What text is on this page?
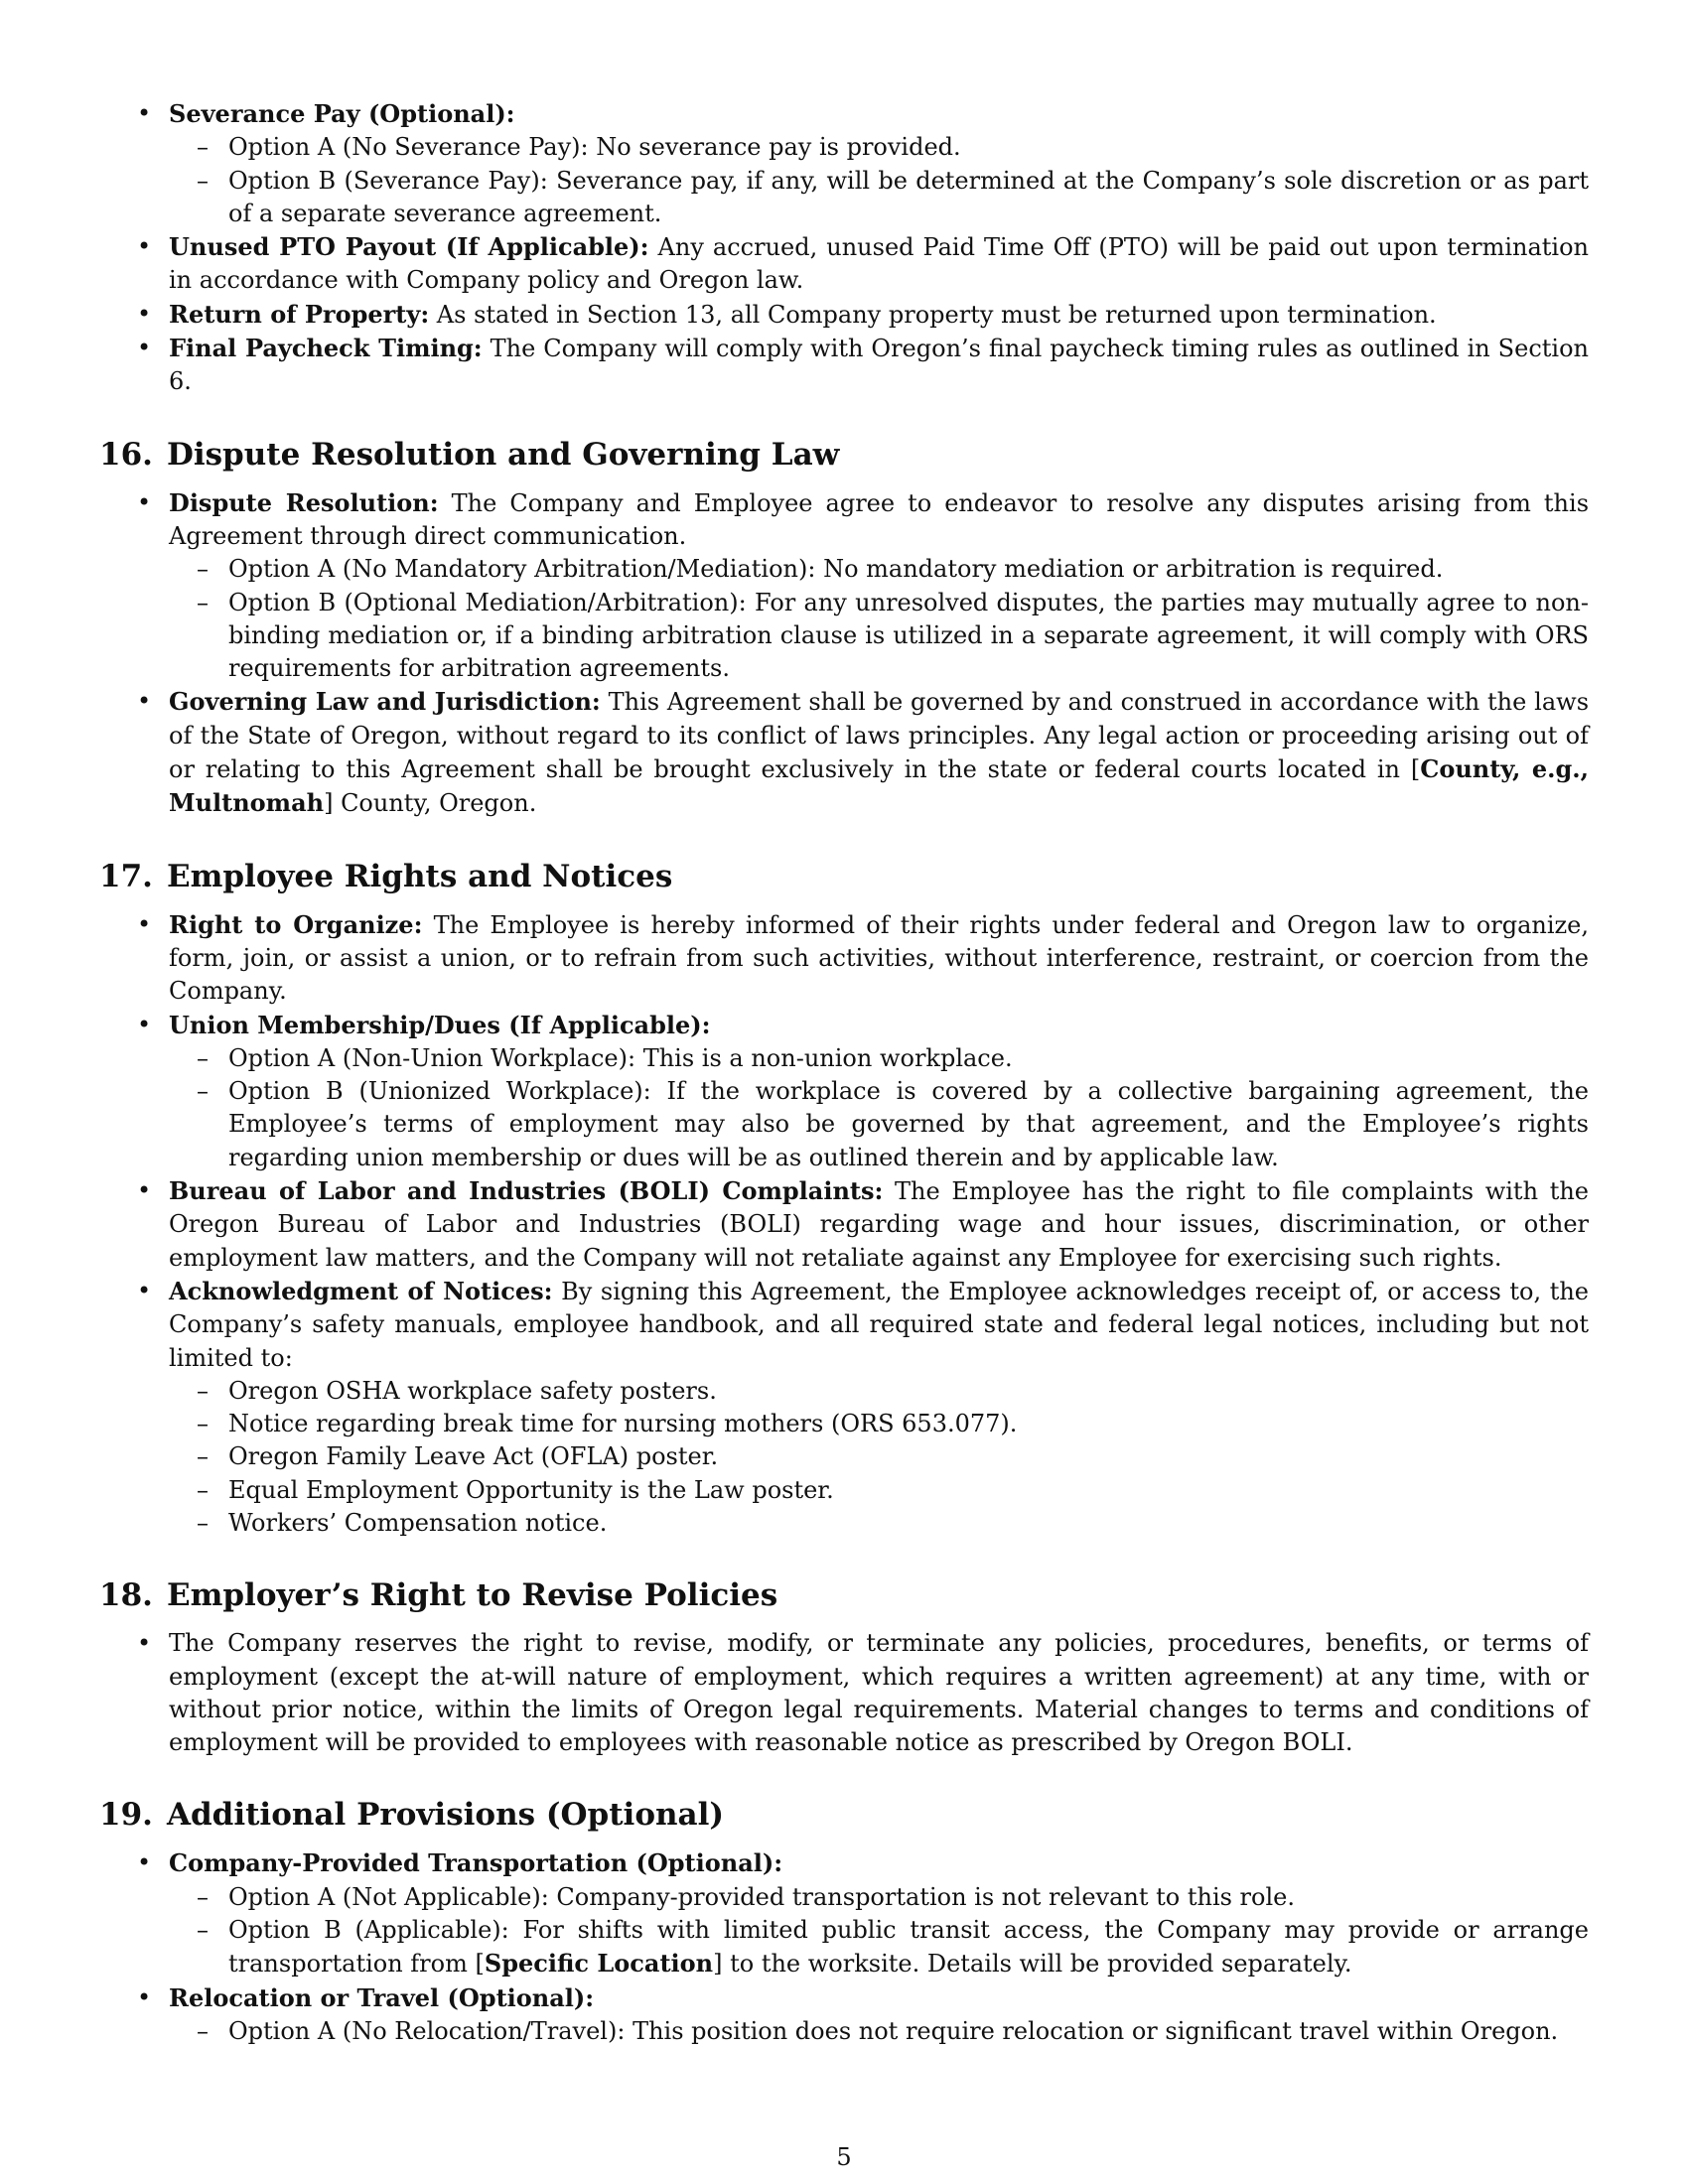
• Severance Pay (Optional):
– Option A (No Severance Pay): No severance pay is provided.
– Option B (Severance Pay): Severance pay, if any, will be determined at the Company’s sole discretion or as part of a separate severance agreement.
• Unused PTO Payout (If Applicable): Any accrued, unused Paid Time Off (PTO) will be paid out upon termination in accordance with Company policy and Oregon law.
• Return of Property: As stated in Section 13, all Company property must be returned upon termination.
• Final Paycheck Timing: The Company will comply with Oregon’s final paycheck timing rules as outlined in Section 6.
16. Dispute Resolution and Governing Law
• Dispute Resolution: The Company and Employee agree to endeavor to resolve any disputes arising from this Agreement through direct communication.
– Option A (No Mandatory Arbitration/Mediation): No mandatory mediation or arbitration is required.
– Option B (Optional Mediation/Arbitration): For any unresolved disputes, the parties may mutually agree to non-binding mediation or, if a binding arbitration clause is utilized in a separate agreement, it will comply with ORS requirements for arbitration agreements.
• Governing Law and Jurisdiction: This Agreement shall be governed by and construed in accordance with the laws of the State of Oregon, without regard to its conflict of laws principles. Any legal action or proceeding arising out of or relating to this Agreement shall be brought exclusively in the state or federal courts located in [County, e.g., Multnomah] County, Oregon.
17. Employee Rights and Notices
• Right to Organize: The Employee is hereby informed of their rights under federal and Oregon law to organize, form, join, or assist a union, or to refrain from such activities, without interference, restraint, or coercion from the Company.
• Union Membership/Dues (If Applicable):
– Option A (Non-Union Workplace): This is a non-union workplace.
– Option B (Unionized Workplace): If the workplace is covered by a collective bargaining agreement, the Employee’s terms of employment may also be governed by that agreement, and the Employee’s rights regarding union membership or dues will be as outlined therein and by applicable law.
• Bureau of Labor and Industries (BOLI) Complaints: The Employee has the right to file complaints with the Oregon Bureau of Labor and Industries (BOLI) regarding wage and hour issues, discrimination, or other employment law matters, and the Company will not retaliate against any Employee for exercising such rights.
• Acknowledgment of Notices: By signing this Agreement, the Employee acknowledges receipt of, or access to, the Company’s safety manuals, employee handbook, and all required state and federal legal notices, including but not limited to:
– Oregon OSHA workplace safety posters.
– Notice regarding break time for nursing mothers (ORS 653.077).
– Oregon Family Leave Act (OFLA) poster.
– Equal Employment Opportunity is the Law poster.
– Workers’ Compensation notice.
18. Employer’s Right to Revise Policies
• The Company reserves the right to revise, modify, or terminate any policies, procedures, benefits, or terms of employment (except the at-will nature of employment, which requires a written agreement) at any time, with or without prior notice, within the limits of Oregon legal requirements. Material changes to terms and conditions of employment will be provided to employees with reasonable notice as prescribed by Oregon BOLI.
19. Additional Provisions (Optional)
• Company-Provided Transportation (Optional):
– Option A (Not Applicable): Company-provided transportation is not relevant to this role.
– Option B (Applicable): For shifts with limited public transit access, the Company may provide or arrange transportation from [Specific Location] to the worksite. Details will be provided separately.
• Relocation or Travel (Optional):
– Option A (No Relocation/Travel): This position does not require relocation or significant travel within Oregon.
5
